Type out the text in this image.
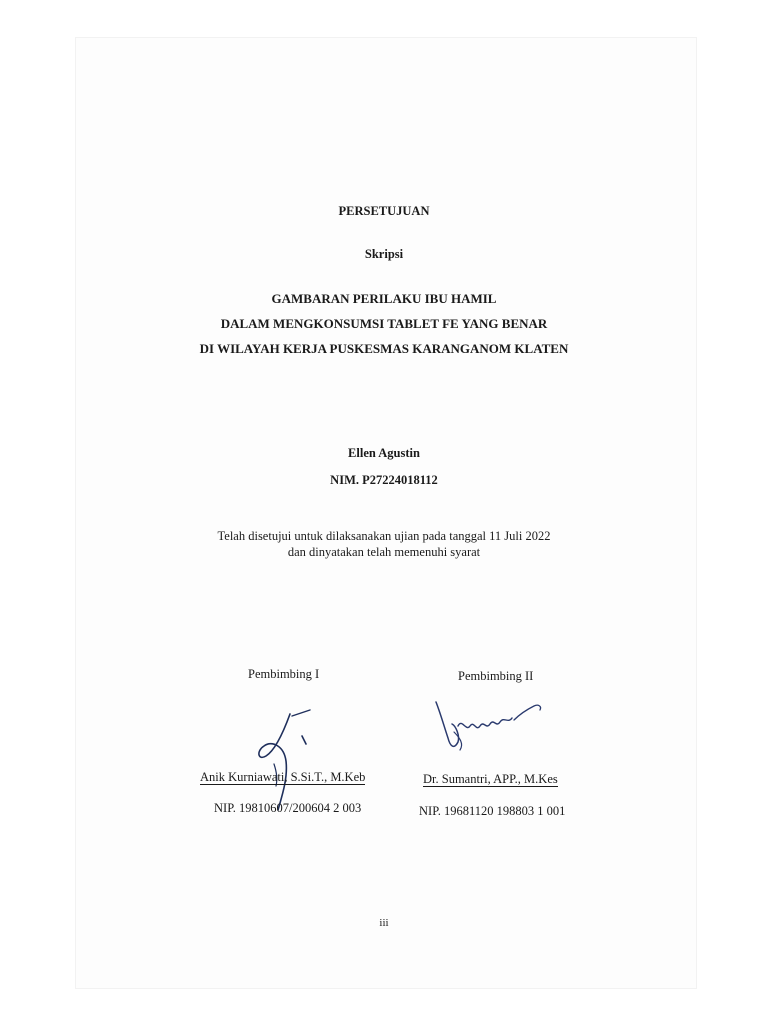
PERSETUJUAN
Skripsi
GAMBARAN PERILAKU IBU HAMIL
DALAM MENGKONSUMSI TABLET FE YANG BENAR
DI WILAYAH KERJA PUSKESMAS KARANGANOM KLATEN
Ellen Agustin
NIM. P27224018112
Telah disetujui untuk dilaksanakan ujian pada tanggal 11 Juli 2022
dan dinyatakan telah memenuhi syarat
Pembimbing I
Anik Kurniawati, S.Si.T., M.Keb
NIP. 19810607/200604 2 003
Pembimbing II
Dr. Sumantri, APP., M.Kes
NIP. 19681120 198803 1 001
iii
